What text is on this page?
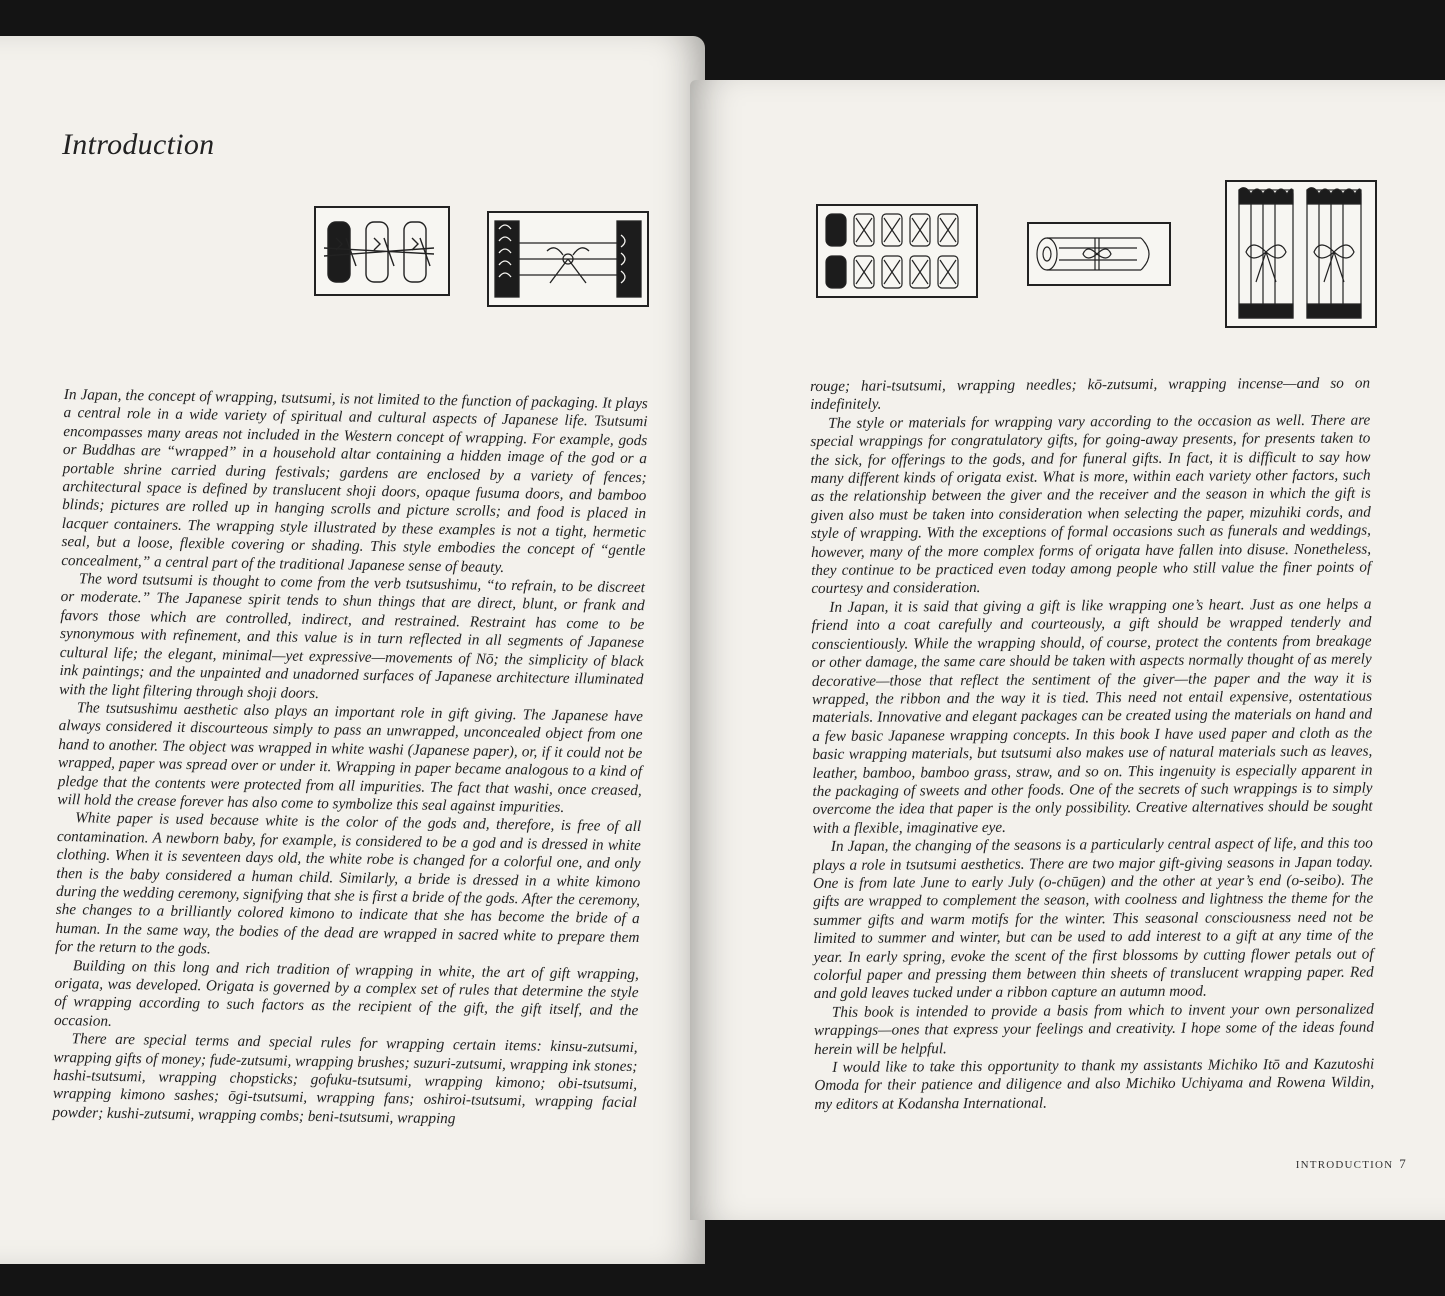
Introduction

In Japan, the concept of wrapping, tsutsumi, is not limited to the function of packaging. It plays a central role in a wide variety of spiritual and cultural aspects of Japanese life. Tsutsumi encompasses many areas not included in the Western concept of wrapping. For example, gods or Buddhas are “wrapped” in a household altar containing a hidden image of the god or a portable shrine carried during festivals; gardens are enclosed by a variety of fences; architectural space is defined by translucent shoji doors, opaque fusuma doors, and bamboo blinds; pictures are rolled up in hanging scrolls and picture scrolls; and food is placed in lacquer containers. The wrapping style illustrated by these examples is not a tight, hermetic seal, but a loose, flexible covering or shading. This style embodies the concept of “gentle concealment,” a central part of the traditional Japanese sense of beauty.

The word tsutsumi is thought to come from the verb tsutsushimu, “to refrain, to be discreet or moderate.” The Japanese spirit tends to shun things that are direct, blunt, or frank and favors those which are controlled, indirect, and restrained. Restraint has come to be synonymous with refinement, and this value is in turn reflected in all segments of Japanese cultural life; the elegant, minimal—yet expressive—movements of Nō; the simplicity of black ink paintings; and the unpainted and unadorned surfaces of Japanese architecture illuminated with the light filtering through shoji doors.

The tsutsushimu aesthetic also plays an important role in gift giving. The Japanese have always considered it discourteous simply to pass an unwrapped, unconcealed object from one hand to another. The object was wrapped in white washi (Japanese paper), or, if it could not be wrapped, paper was spread over or under it. Wrapping in paper became analogous to a kind of pledge that the contents were protected from all impurities. The fact that washi, once creased, will hold the crease forever has also come to symbolize this seal against impurities.

White paper is used because white is the color of the gods and, therefore, is free of all contamination. A newborn baby, for example, is considered to be a god and is dressed in white clothing. When it is seventeen days old, the white robe is changed for a colorful one, and only then is the baby considered a human child. Similarly, a bride is dressed in a white kimono during the wedding ceremony, signifying that she is first a bride of the gods. After the ceremony, she changes to a brilliantly colored kimono to indicate that she has become the bride of a human. In the same way, the bodies of the dead are wrapped in sacred white to prepare them for the return to the gods.

Building on this long and rich tradition of wrapping in white, the art of gift wrapping, origata, was developed. Origata is governed by a complex set of rules that determine the style of wrapping according to such factors as the recipient of the gift, the gift itself, and the occasion.

There are special terms and special rules for wrapping certain items: kinsu-zutsumi, wrapping gifts of money; fude-zutsumi, wrapping brushes; suzuri-zutsumi, wrapping ink stones; hashi-tsutsumi, wrapping chopsticks; gofuku-tsutsumi, wrapping kimono; obi-tsutsumi, wrapping kimono sashes; ōgi-tsutsumi, wrapping fans; oshiroi-tsutsumi, wrapping facial powder; kushi-zutsumi, wrapping combs; beni-tsutsumi, wrapping

rouge; hari-tsutsumi, wrapping needles; kō-zutsumi, wrapping incense—and so on indefinitely.

The style or materials for wrapping vary according to the occasion as well. There are special wrappings for congratulatory gifts, for going-away presents, for presents taken to the sick, for offerings to the gods, and for funeral gifts. In fact, it is difficult to say how many different kinds of origata exist. What is more, within each variety other factors, such as the relationship between the giver and the receiver and the season in which the gift is given also must be taken into consideration when selecting the paper, mizuhiki cords, and style of wrapping. With the exceptions of formal occasions such as funerals and weddings, however, many of the more complex forms of origata have fallen into disuse. Nonetheless, they continue to be practiced even today among people who still value the finer points of courtesy and consideration.

In Japan, it is said that giving a gift is like wrapping one’s heart. Just as one helps a friend into a coat carefully and courteously, a gift should be wrapped tenderly and conscientiously. While the wrapping should, of course, protect the contents from breakage or other damage, the same care should be taken with aspects normally thought of as merely decorative—those that reflect the sentiment of the giver—the paper and the way it is wrapped, the ribbon and the way it is tied. This need not entail expensive, ostentatious materials. Innovative and elegant packages can be created using the materials on hand and a few basic Japanese wrapping concepts. In this book I have used paper and cloth as the basic wrapping materials, but tsutsumi also makes use of natural materials such as leaves, leather, bamboo, bamboo grass, straw, and so on. This ingenuity is especially apparent in the packaging of sweets and other foods. One of the secrets of such wrappings is to simply overcome the idea that paper is the only possibility. Creative alternatives should be sought with a flexible, imaginative eye.

In Japan, the changing of the seasons is a particularly central aspect of life, and this too plays a role in tsutsumi aesthetics. There are two major gift-giving seasons in Japan today. One is from late June to early July (o-chūgen) and the other at year’s end (o-seibo). The gifts are wrapped to complement the season, with coolness and lightness the theme for the summer gifts and warm motifs for the winter. This seasonal consciousness need not be limited to summer and winter, but can be used to add interest to a gift at any time of the year. In early spring, evoke the scent of the first blossoms by cutting flower petals out of colorful paper and pressing them between thin sheets of translucent wrapping paper. Red and gold leaves tucked under a ribbon capture an autumn mood.

This book is intended to provide a basis from which to invent your own personalized wrappings—ones that express your feelings and creativity. I hope some of the ideas found herein will be helpful.

I would like to take this opportunity to thank my assistants Michiko Itō and Kazutoshi Omoda for their patience and diligence and also Michiko Uchiyama and Rowena Wildin, my editors at Kodansha International.

INTRODUCTION 7
